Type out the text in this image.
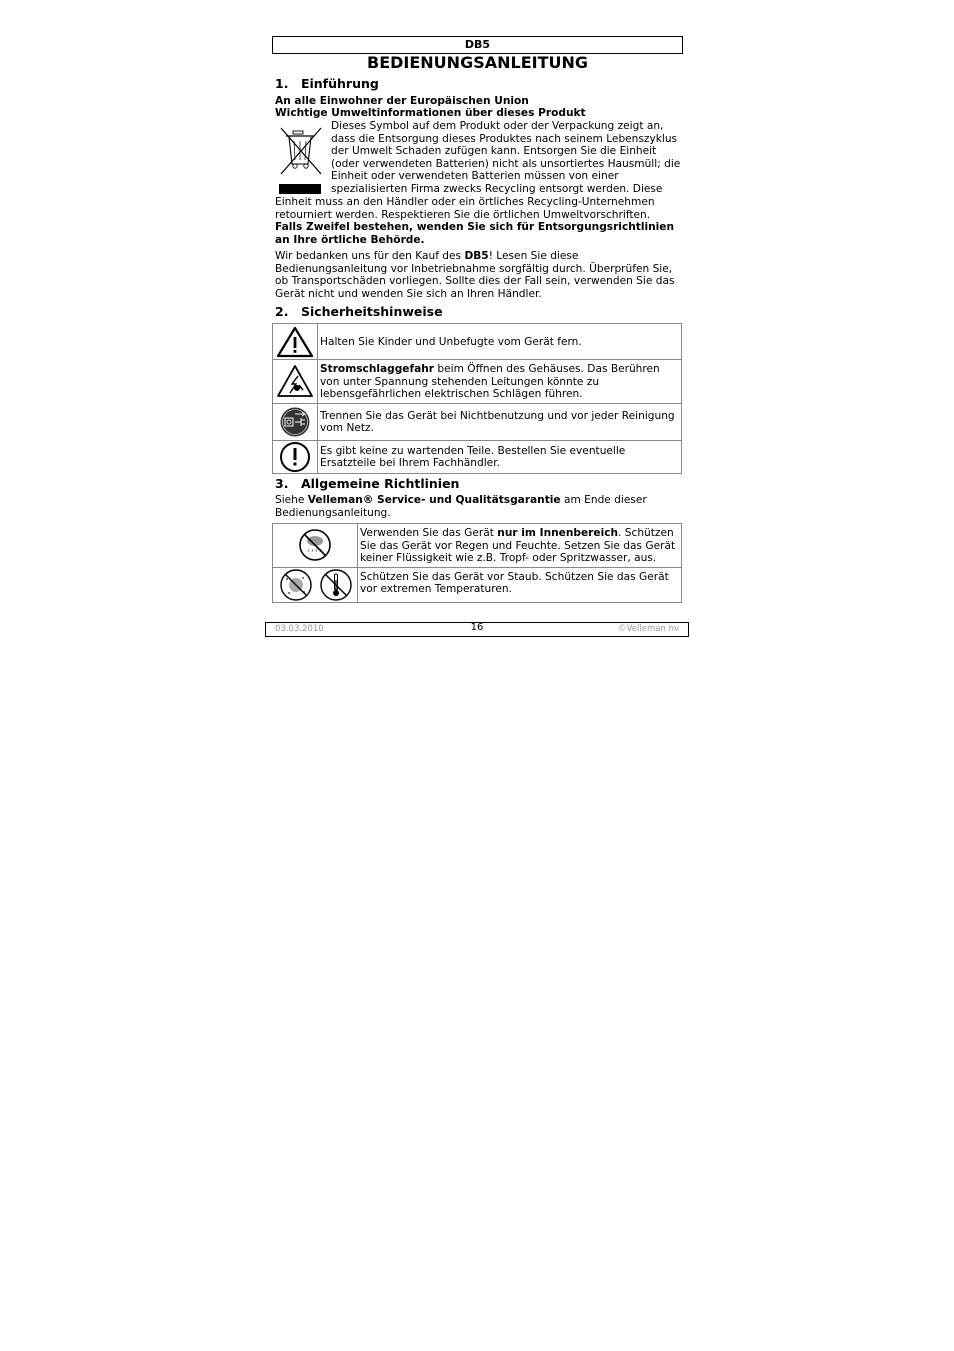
DB5
BEDIENUNGSANLEITUNG
1. Einführung

An alle Einwohner der Europäischen Union

Wichtige Umweltinformationen über dieses Produkt

Dieses Symbol auf dem Produkt oder der Verpackung zeigt an,
dass die Entsorgung dieses Produktes nach seinem Lebenszyklus
der Umwelt Schaden zufügen kann. Entsorgen Sie die Einheit
(oder verwendeten Batterien) nicht als unsortiertes Hausmüll; die
Einheit oder verwendeten Batterien müssen von einer
spezialisierten Firma zwecks Recycling entsorgt werden. Diese

Einheit muss an den Händler oder ein örtliches Recycling-Unternehmen retourniert werden. Respektieren Sie die örtlichen Umweltvorschriften.

Falls Zweifel bestehen, wenden Sie sich für Entsorgungsrichtlinien an Ihre örtliche Behörde.

Wir bedanken uns für den Kauf des DB5! Lesen Sie diese Bedienungsanleitung vor Inbetriebnahme sorgfältig durch. Überprüfen Sie, ob Transportschäden vorliegen. Sollte dies der Fall sein, verwenden Sie das Gerät nicht und wenden Sie sich an Ihren Händler.

2. Sicherheitshinweise
	Halten Sie Kinder und Unbefugte vom Gerät fern.

	Stromschlaggefahr beim Öffnen des Gehäuses. Das Berühren von unter Spannung stehenden Leitungen könnte zu lebensgefährlichen elektrischen Schlägen führen.

	Trennen Sie das Gerät bei Nichtbenutzung und vor jeder Reinigung vom Netz.

	Es gibt keine zu wartenden Teile. Bestellen Sie eventuelle Ersatzteile bei Ihrem Fachhändler.
3. Allgemeine Richtlinien

Siehe Velleman® Service- und Qualitätsgarantie am Ende dieser Bedienungsanleitung.

	Verwenden Sie das Gerät nur im Innenbereich. Schützen Sie das Gerät vor Regen und Feuchte. Setzen Sie das Gerät keiner Flüssigkeit wie z.B. Tropf- oder Spritzwasser, aus.

	Schützen Sie das Gerät vor Staub. Schützen Sie das Gerät vor extremen Temperaturen.
03.03.2010	16	©Velleman nv
